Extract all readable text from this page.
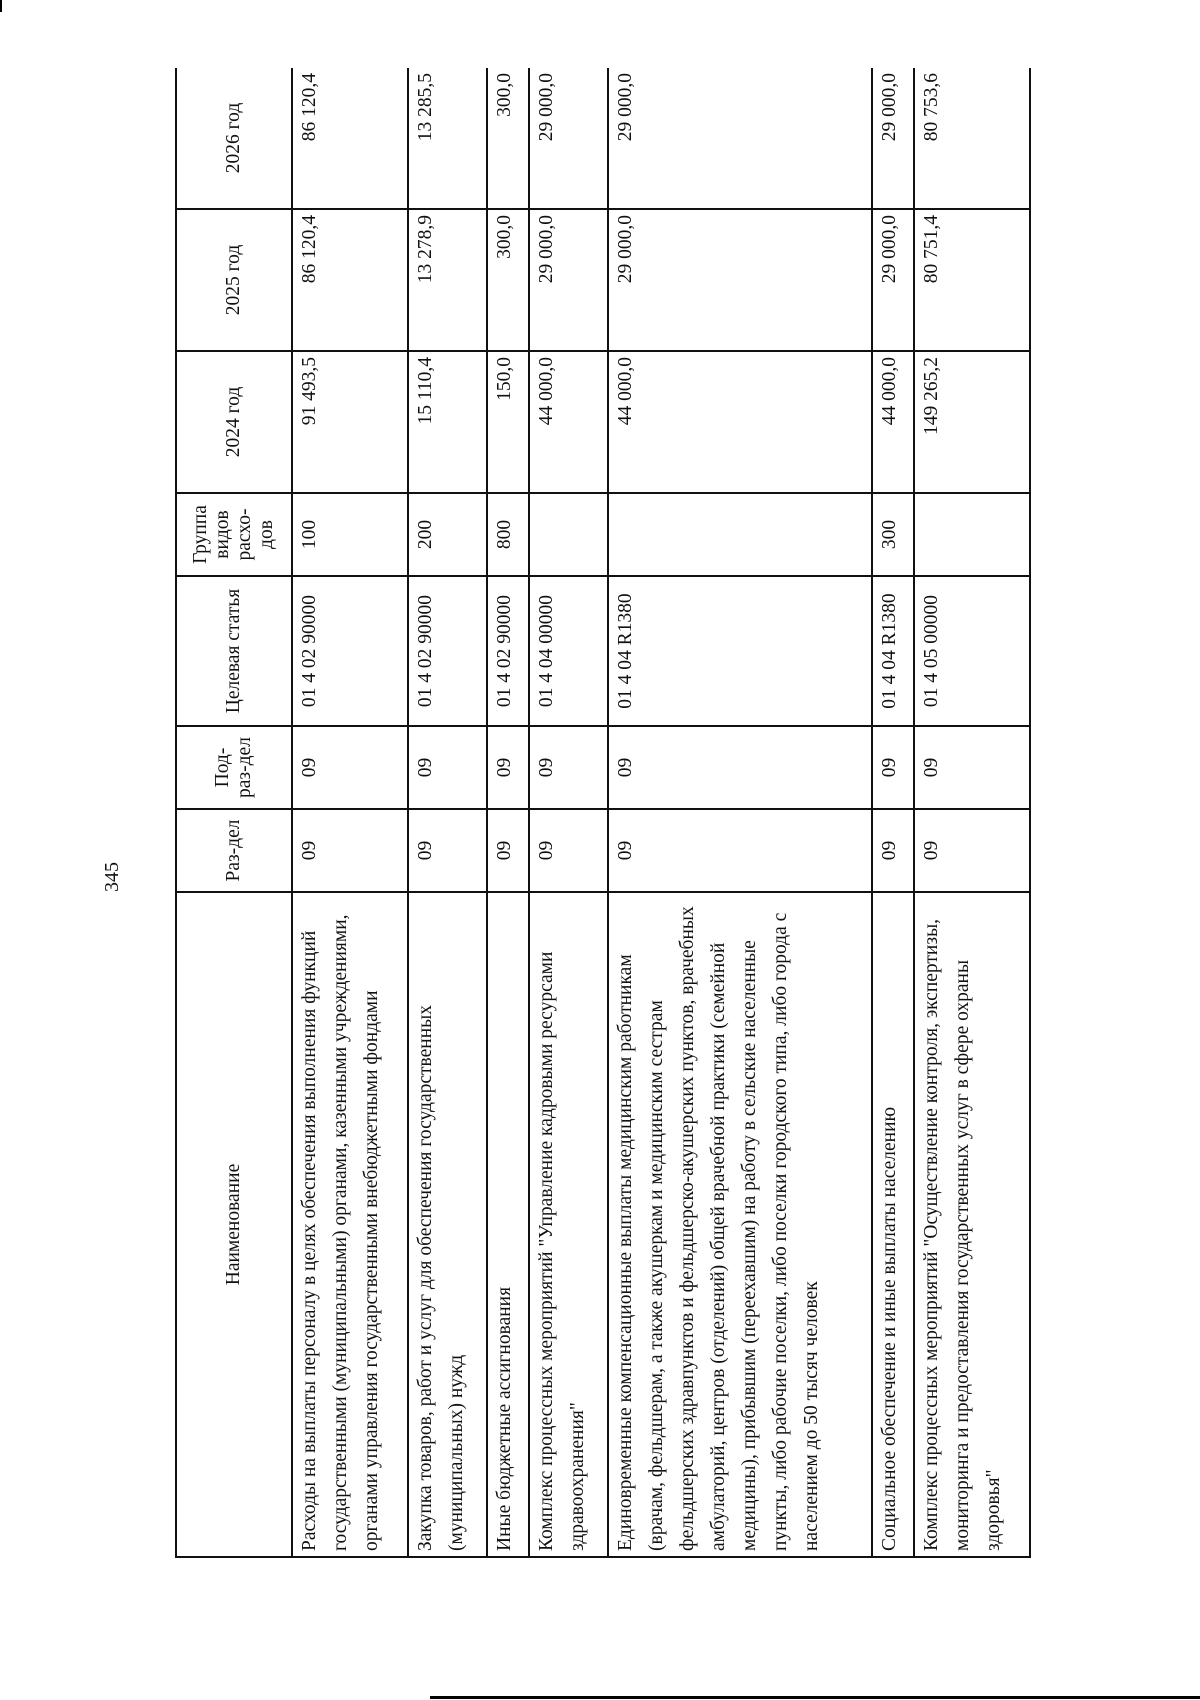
345
Наименование	Раз-дел	Под-раз-дел	Целевая статья	Группа видов расхо-дов	2024 год	2025 год	2026 год
Расходы на выплаты персоналу в целях обеспечения выполнения функций государственными (муниципальными) органами, казенными учреждениями, органами управления государственными внебюджетными фондами	09	09	01 4 02 90000	100	91 493,5	86 120,4	86 120,4
Закупка товаров, работ и услуг для обеспечения государственных (муниципальных) нужд	09	09	01 4 02 90000	200	15 110,4	13 278,9	13 285,5
Иные бюджетные ассигнования	09	09	01 4 02 90000	800	150,0	300,0	300,0
Комплекс процессных мероприятий "Управление кадровыми ресурсами здравоохранения"	09	09	01 4 04 00000		44 000,0	29 000,0	29 000,0
Единовременные компенсационные выплаты медицинским работникам (врачам, фельдшерам, а также акушеркам и медицинским сестрам фельдшерских здравпунктов и фельдшерско-акушерских пунктов, врачебных амбулаторий, центров (отделений) общей врачебной практики (семейной медицины), прибывшим (переехавшим) на работу в сельские населенные пункты, либо рабочие поселки, либо поселки городского типа, либо города с населением до 50 тысяч человек	09	09	01 4 04 R1380		44 000,0	29 000,0	29 000,0
Социальное обеспечение и иные выплаты населению	09	09	01 4 04 R1380	300	44 000,0	29 000,0	29 000,0
Комплекс процессных мероприятий "Осуществление контроля, экспертизы, мониторинга и предоставления государственных услуг в сфере охраны здоровья"	09	09	01 4 05 00000		149 265,2	80 751,4	80 753,6
